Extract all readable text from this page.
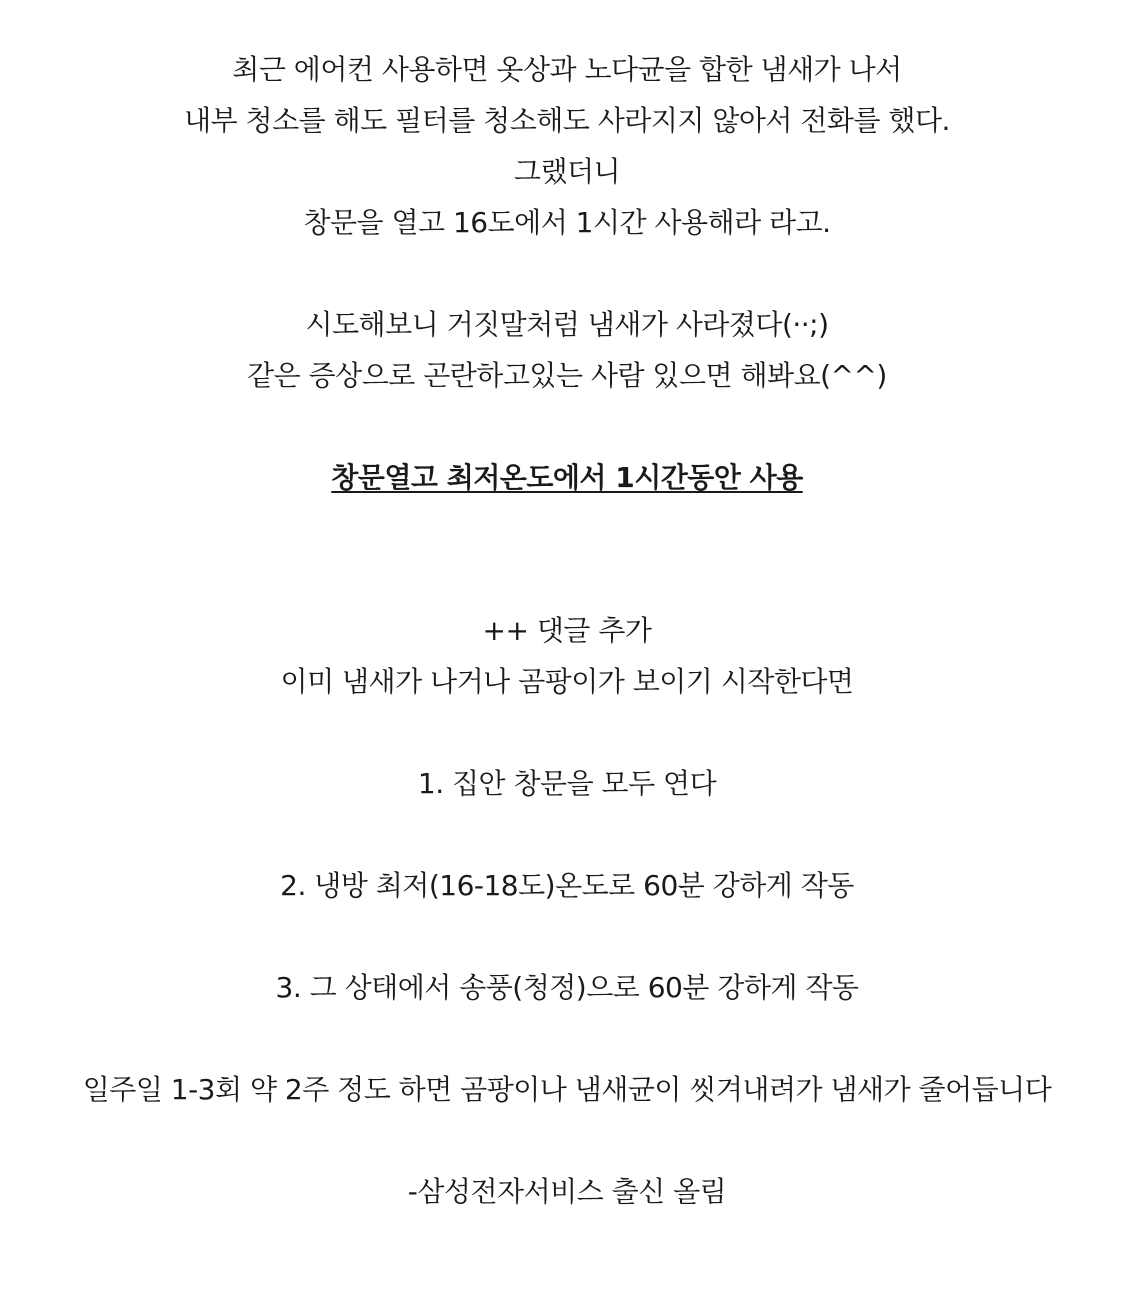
최근 에어컨 사용하면 옷상과 노다균을 합한 냄새가 나서
내부 청소를 해도 필터를 청소해도 사라지지 않아서 전화를 했다.
그랬더니
창문을 열고 16도에서 1시간 사용해라 라고.
시도해보니 거짓말처럼 냄새가 사라졌다(··;)
같은 증상으로 곤란하고있는 사람 있으면 해봐요(^^)
창문열고 최저온도에서 1시간동안 사용
++ 댓글 추가
이미 냄새가 나거나 곰팡이가 보이기 시작한다면
1. 집안 창문을 모두 연다
2. 냉방 최저(16-18도)온도로 60분 강하게 작동
3. 그 상태에서 송풍(청정)으로 60분 강하게 작동
일주일 1-3회 약 2주 정도 하면 곰팡이나 냄새균이 씻겨내려가 냄새가 줄어듭니다
-삼성전자서비스 출신 올림
